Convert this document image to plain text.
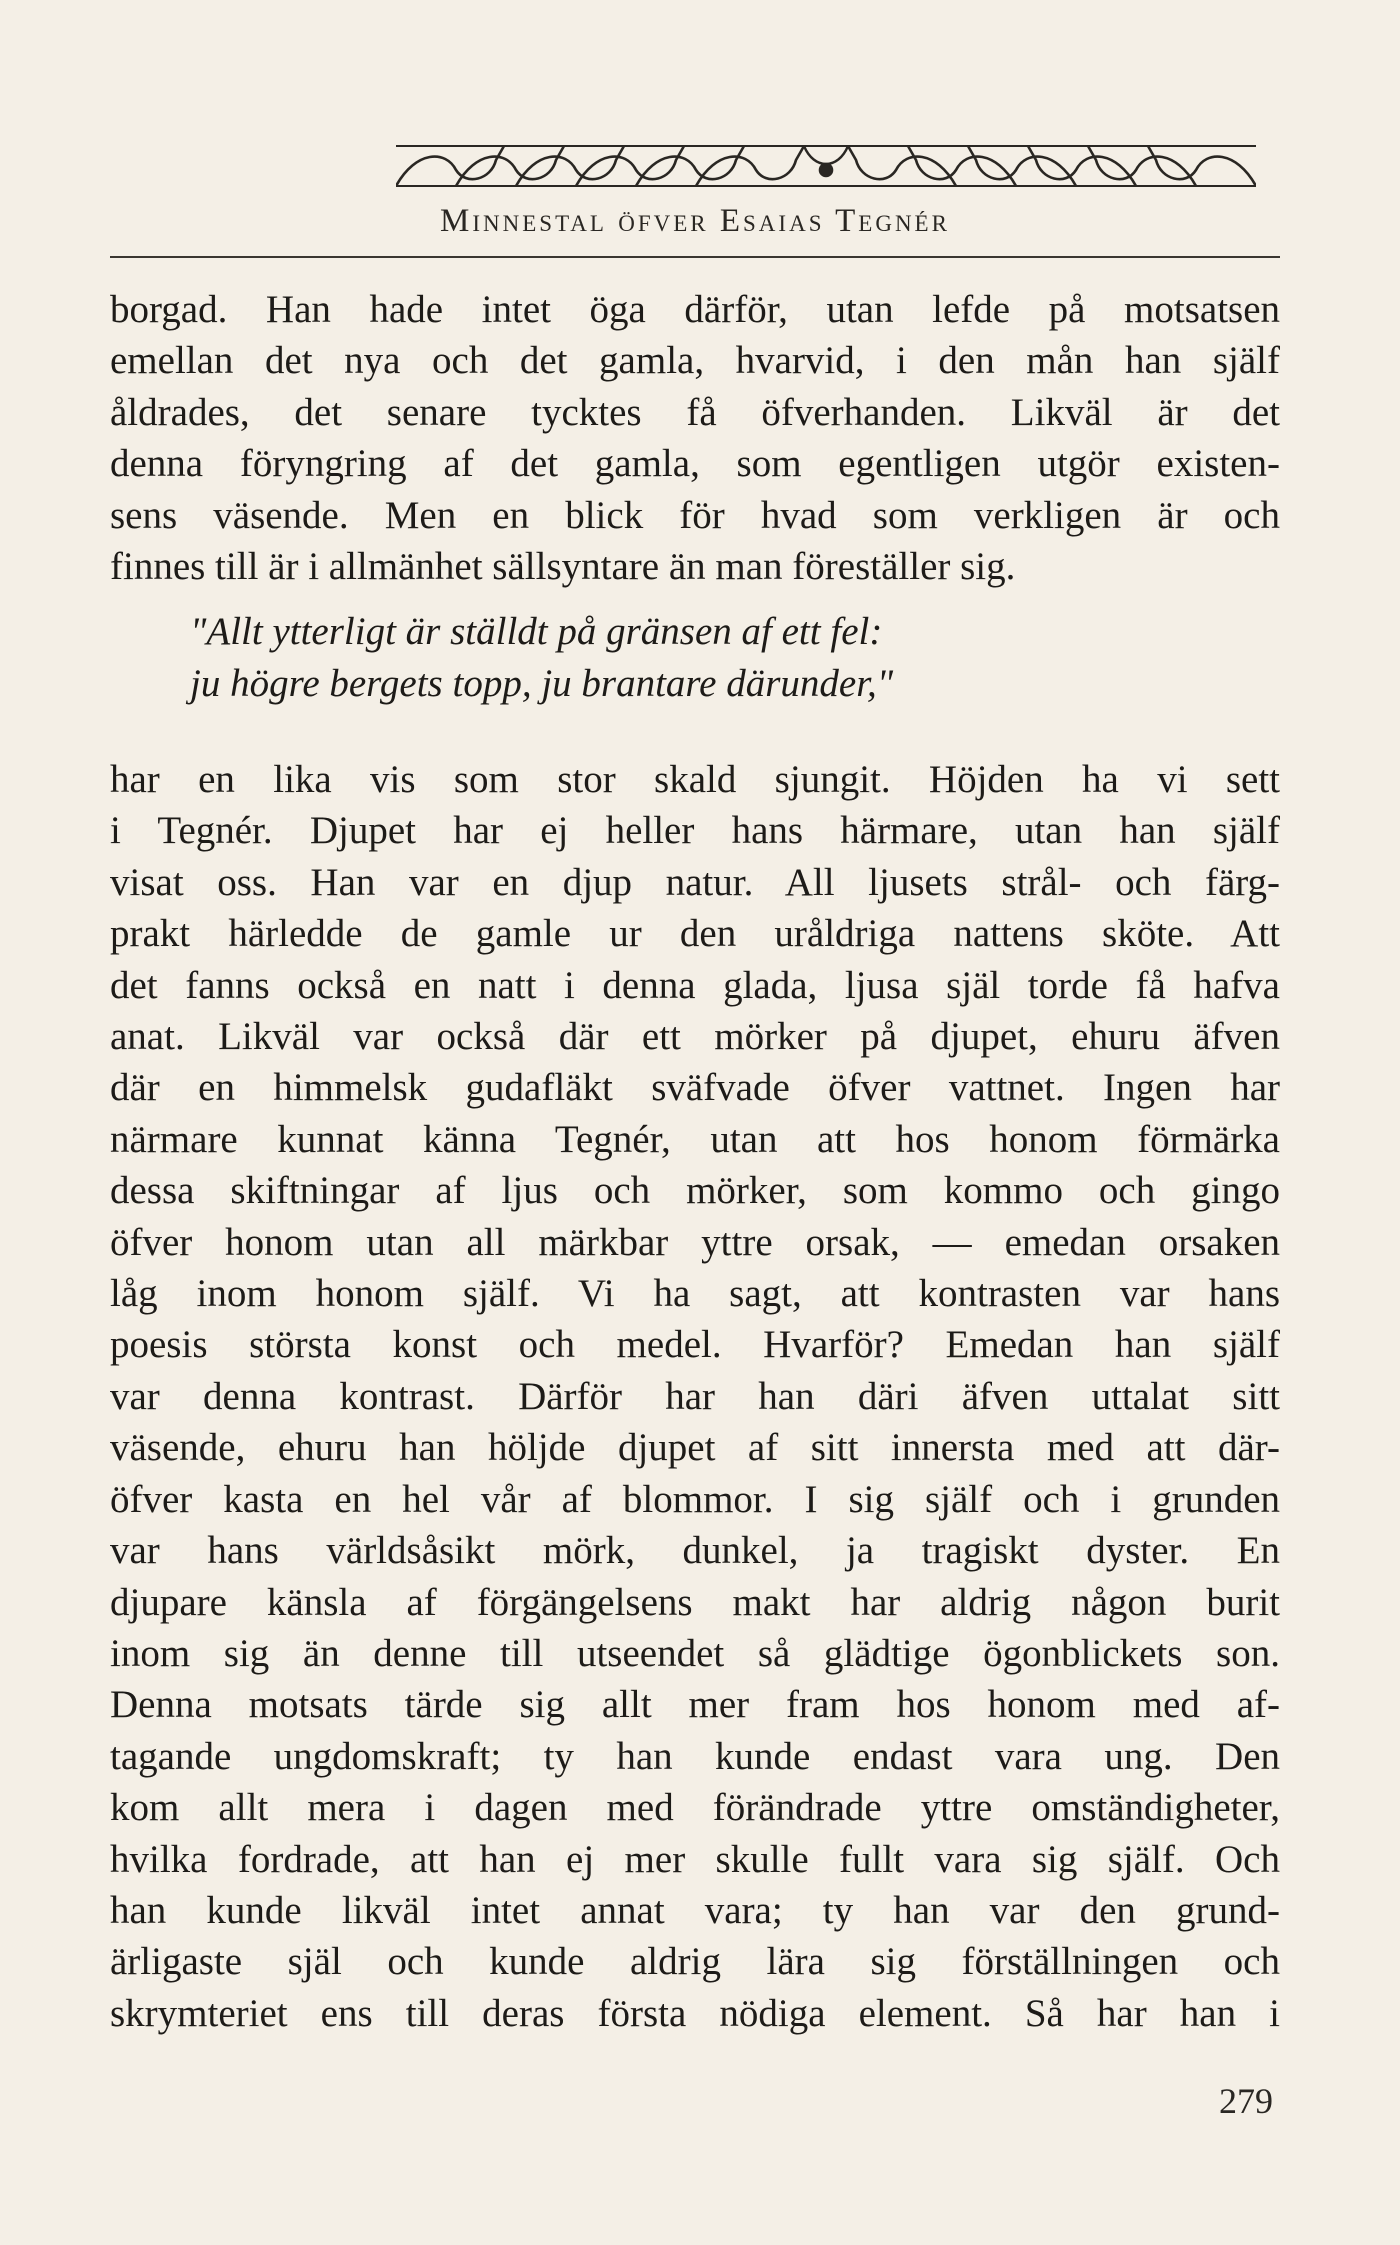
Minnestal öfver Esaias Tegnér
borgad. Han hade intet öga därför, utan lefde på motsatsen
emellan det nya och det gamla, hvarvid, i den mån han själf
åldrades, det senare tycktes få öfverhanden. Likväl är det
denna föryngring af det gamla, som egentligen utgör existen-
sens väsende. Men en blick för hvad som verkligen är och
finnes till är i allmänhet sällsyntare än man föreställer sig.
"Allt ytterligt är ställdt på gränsen af ett fel:
ju högre bergets topp, ju brantare därunder,"
har en lika vis som stor skald sjungit. Höjden ha vi sett
i Tegnér. Djupet har ej heller hans härmare, utan han själf
visat oss. Han var en djup natur. All ljusets strål- och färg-
prakt härledde de gamle ur den uråldriga nattens sköte. Att
det fanns också en natt i denna glada, ljusa själ torde få hafva
anat. Likväl var också där ett mörker på djupet, ehuru äfven
där en himmelsk gudafläkt sväfvade öfver vattnet. Ingen har
närmare kunnat känna Tegnér, utan att hos honom förmärka
dessa skiftningar af ljus och mörker, som kommo och gingo
öfver honom utan all märkbar yttre orsak, — emedan orsaken
låg inom honom själf. Vi ha sagt, att kontrasten var hans
poesis största konst och medel. Hvarför? Emedan han själf
var denna kontrast. Därför har han däri äfven uttalat sitt
väsende, ehuru han höljde djupet af sitt innersta med att där-
öfver kasta en hel vår af blommor. I sig själf och i grunden
var hans världsåsikt mörk, dunkel, ja tragiskt dyster. En
djupare känsla af förgängelsens makt har aldrig någon burit
inom sig än denne till utseendet så glädtige ögonblickets son.
Denna motsats tärde sig allt mer fram hos honom med af-
tagande ungdomskraft; ty han kunde endast vara ung. Den
kom allt mera i dagen med förändrade yttre omständigheter,
hvilka fordrade, att han ej mer skulle fullt vara sig själf. Och
han kunde likväl intet annat vara; ty han var den grund-
ärligaste själ och kunde aldrig lära sig förställningen och
skrymteriet ens till deras första nödiga element. Så har han i
279
